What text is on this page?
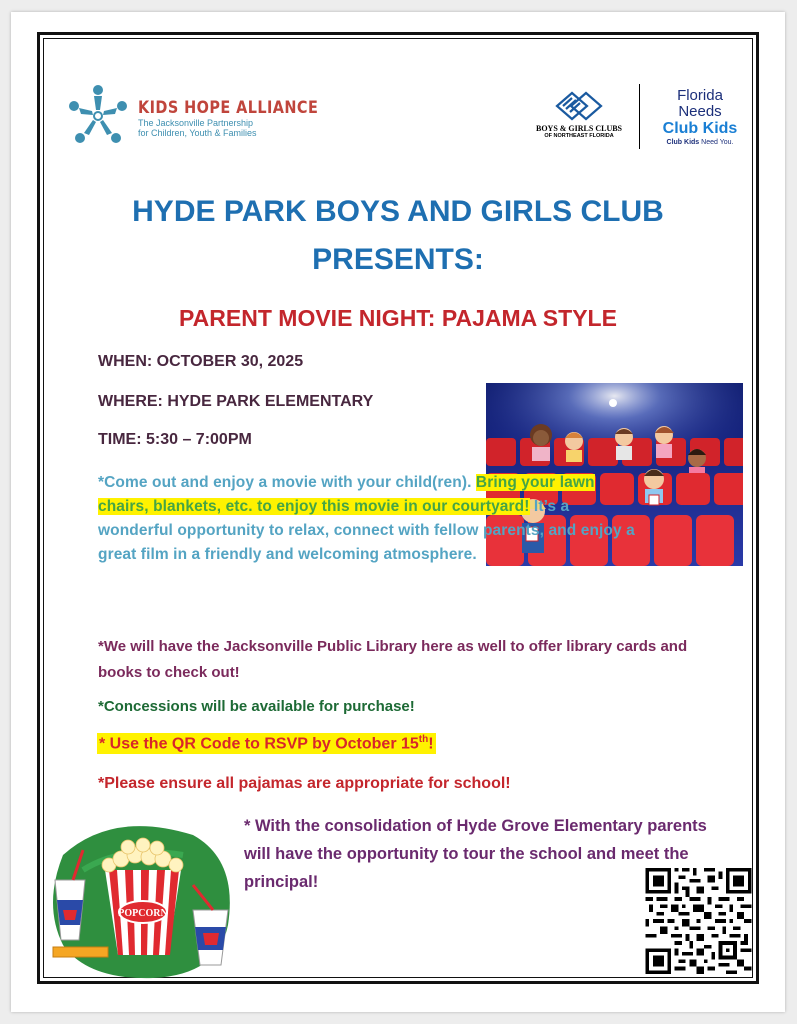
KIDS HOPE ALLIANCE
The Jacksonville Partnership
for Children, Youth & Families	BOYS & GIRLS CLUBS
OF NORTHEAST FLORIDA
Florida
Needs
Club Kids
Club Kids Need You.
HYDE PARK BOYS AND GIRLS CLUB
PRESENTS:
PARENT MOVIE NIGHT: PAJAMA STYLE
WHEN: OCTOBER 30, 2025
WHERE: HYDE PARK ELEMENTARY
TIME: 5:30 – 7:00PM
*Come out and enjoy a movie with your child(ren). Bring your lawn chairs, blankets, etc. to enjoy this movie in our courtyard! It’s a wonderful opportunity to relax, connect with fellow parents, and enjoy a great film in a friendly and welcoming atmosphere.
*We will have the Jacksonville Public Library here as well to offer library cards and books to check out!
*Concessions will be available for purchase!
* Use the QR Code to RSVP by October 15th!
*Please ensure all pajamas are appropriate for school!
* With the consolidation of Hyde Grove Elementary parents will have the opportunity to tour the school and meet the principal!
POPCORN
